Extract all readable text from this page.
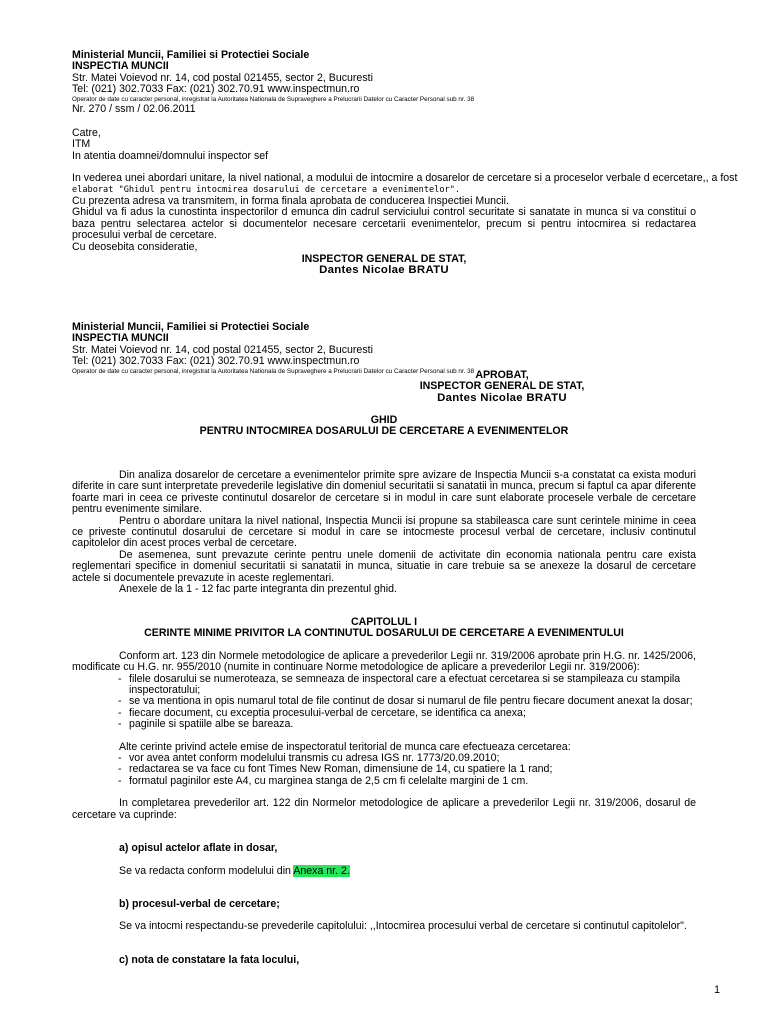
Ministerial Muncii, Familiei si Protectiei Sociale
INSPECTIA MUNCII
Str. Matei Voievod nr. 14, cod postal 021455, sector 2, Bucuresti
Tel: (021) 302.7033 Fax: (021) 302.70.91 www.inspectmun.ro
Operator de date cu caracter personal, inregistrat la Autoritatea Nationala de Supraveghere a Prelucrarii Datelor cu Caracter Personal sub nr. 38
Nr. 270 / ssm / 02.06.2011
Catre,
ITM
In atentia doamnei/domnului inspector sef
In vederea unei abordari unitare, la nivel national, a modului de intocmire a dosarelor de cercetare si a proceselor verbale d ecercetare,, a fost
elaborat "Ghidul pentru intocmirea dosarului de cercetare a evenimentelor".
Cu prezenta adresa va transmitem, in forma finala aprobata de conducerea Inspectiei Muncii.
Ghidul va fi adus la cunostinta inspectorilor d emunca din cadrul serviciului control securitate si sanatate in munca si va constitui o baza pentru selectarea actelor si documentelor necesare cercetarii evenimentelor, precum si pentru intocmirea si redactarea procesului verbal de cercetare.
Cu deosebita consideratie,
INSPECTOR GENERAL DE STAT,
Dantes Nicolae BRATU
Ministerial Muncii, Familiei si Protectiei Sociale
INSPECTIA MUNCII
Str. Matei Voievod nr. 14, cod postal 021455, sector 2, Bucuresti
Tel: (021) 302.7033 Fax: (021) 302.70.91 www.inspectmun.ro
Operator de date cu caracter personal, inregistrat la Autoritatea Nationala de Supraveghere a Prelucrarii Datelor cu Caracter Personal sub nr. 38 APROBAT,
INSPECTOR GENERAL DE STAT,
Dantes Nicolae BRATU
GHID
PENTRU INTOCMIREA DOSARULUI DE CERCETARE A EVENIMENTELOR

Din analiza dosarelor de cercetare a evenimentelor primite spre avizare de Inspectia Muncii s-a constatat ca exista moduri diferite in care sunt interpretate prevederile legislative din domeniul securitatii si sanatatii in munca, precum si faptul ca apar diferente foarte mari in ceea ce priveste continutul dosarelor de cercetare si in modul in care sunt elaborate procesele verbale de cercetare pentru evenimente similare.

Pentru o abordare unitara la nivel national, Inspectia Muncii isi propune sa stabileasca care sunt cerintele minime in ceea ce priveste continutul dosarului de cercetare si modul in care se intocmeste procesul verbal de cercetare, inclusiv continutul capitolelor din acest proces verbal de cercetare.

De asemenea, sunt prevazute cerinte pentru unele domenii de activitate din economia nationala pentru care exista reglementari specifice in domeniul securitatii si sanatatii in munca, situatie in care trebuie sa se anexeze la dosarul de cercetare actele si documentele prevazute in aceste reglementari.

Anexele de la 1 - 12 fac parte integranta din prezentul ghid.

CAPITOLUL I
CERINTE MINIME PRIVITOR LA CONTINUTUL DOSARULUI DE CERCETARE A EVENIMENTULUI

Conform art. 123 din Normele metodologice de aplicare a prevederilor Legii nr. 319/2006 aprobate prin H.G. nr. 1425/2006, modificate cu H.G. nr. 955/2010 (numite in continuare Norme metodologice de aplicare a prevederilor Legii nr. 319/2006):

filele dosarului se numeroteaza, se semneaza de inspectoral care a efectuat cercetarea si se stampileaza cu stampila inspectoratului;
se va mentiona in opis numarul total de file continut de dosar si numarul de file pentru fiecare document anexat la dosar;
fiecare document, cu exceptia procesului-verbal de cercetare, se identifica ca anexa;
paginile si spatiile albe se bareaza.

Alte cerinte privind actele emise de inspectoratul teritorial de munca care efectueaza cercetarea:

vor avea antet conform modelului transmis cu adresa IGS nr. 1773/20.09.2010;
redactarea se va face cu font Times New Roman, dimensiune de 14, cu spatiere la 1 rand;
formatul paginilor este A4, cu marginea stanga de 2,5 cm fi celelalte margini de 1 cm.

In completarea prevederilor art. 122 din Normelor metodologice de aplicare a prevederilor Legii nr. 319/2006, dosarul de cercetare va cuprinde:

a) opisul actelor aflate in dosar,

Se va redacta conform modelului din Anexa nr. 2.

b) procesul-verbal de cercetare;

Se va intocmi respectandu-se prevederile capitolului: ,,Intocmirea procesului verbal de cercetare si continutul capitolelor".

c) nota de constatare la fata locului,

1
